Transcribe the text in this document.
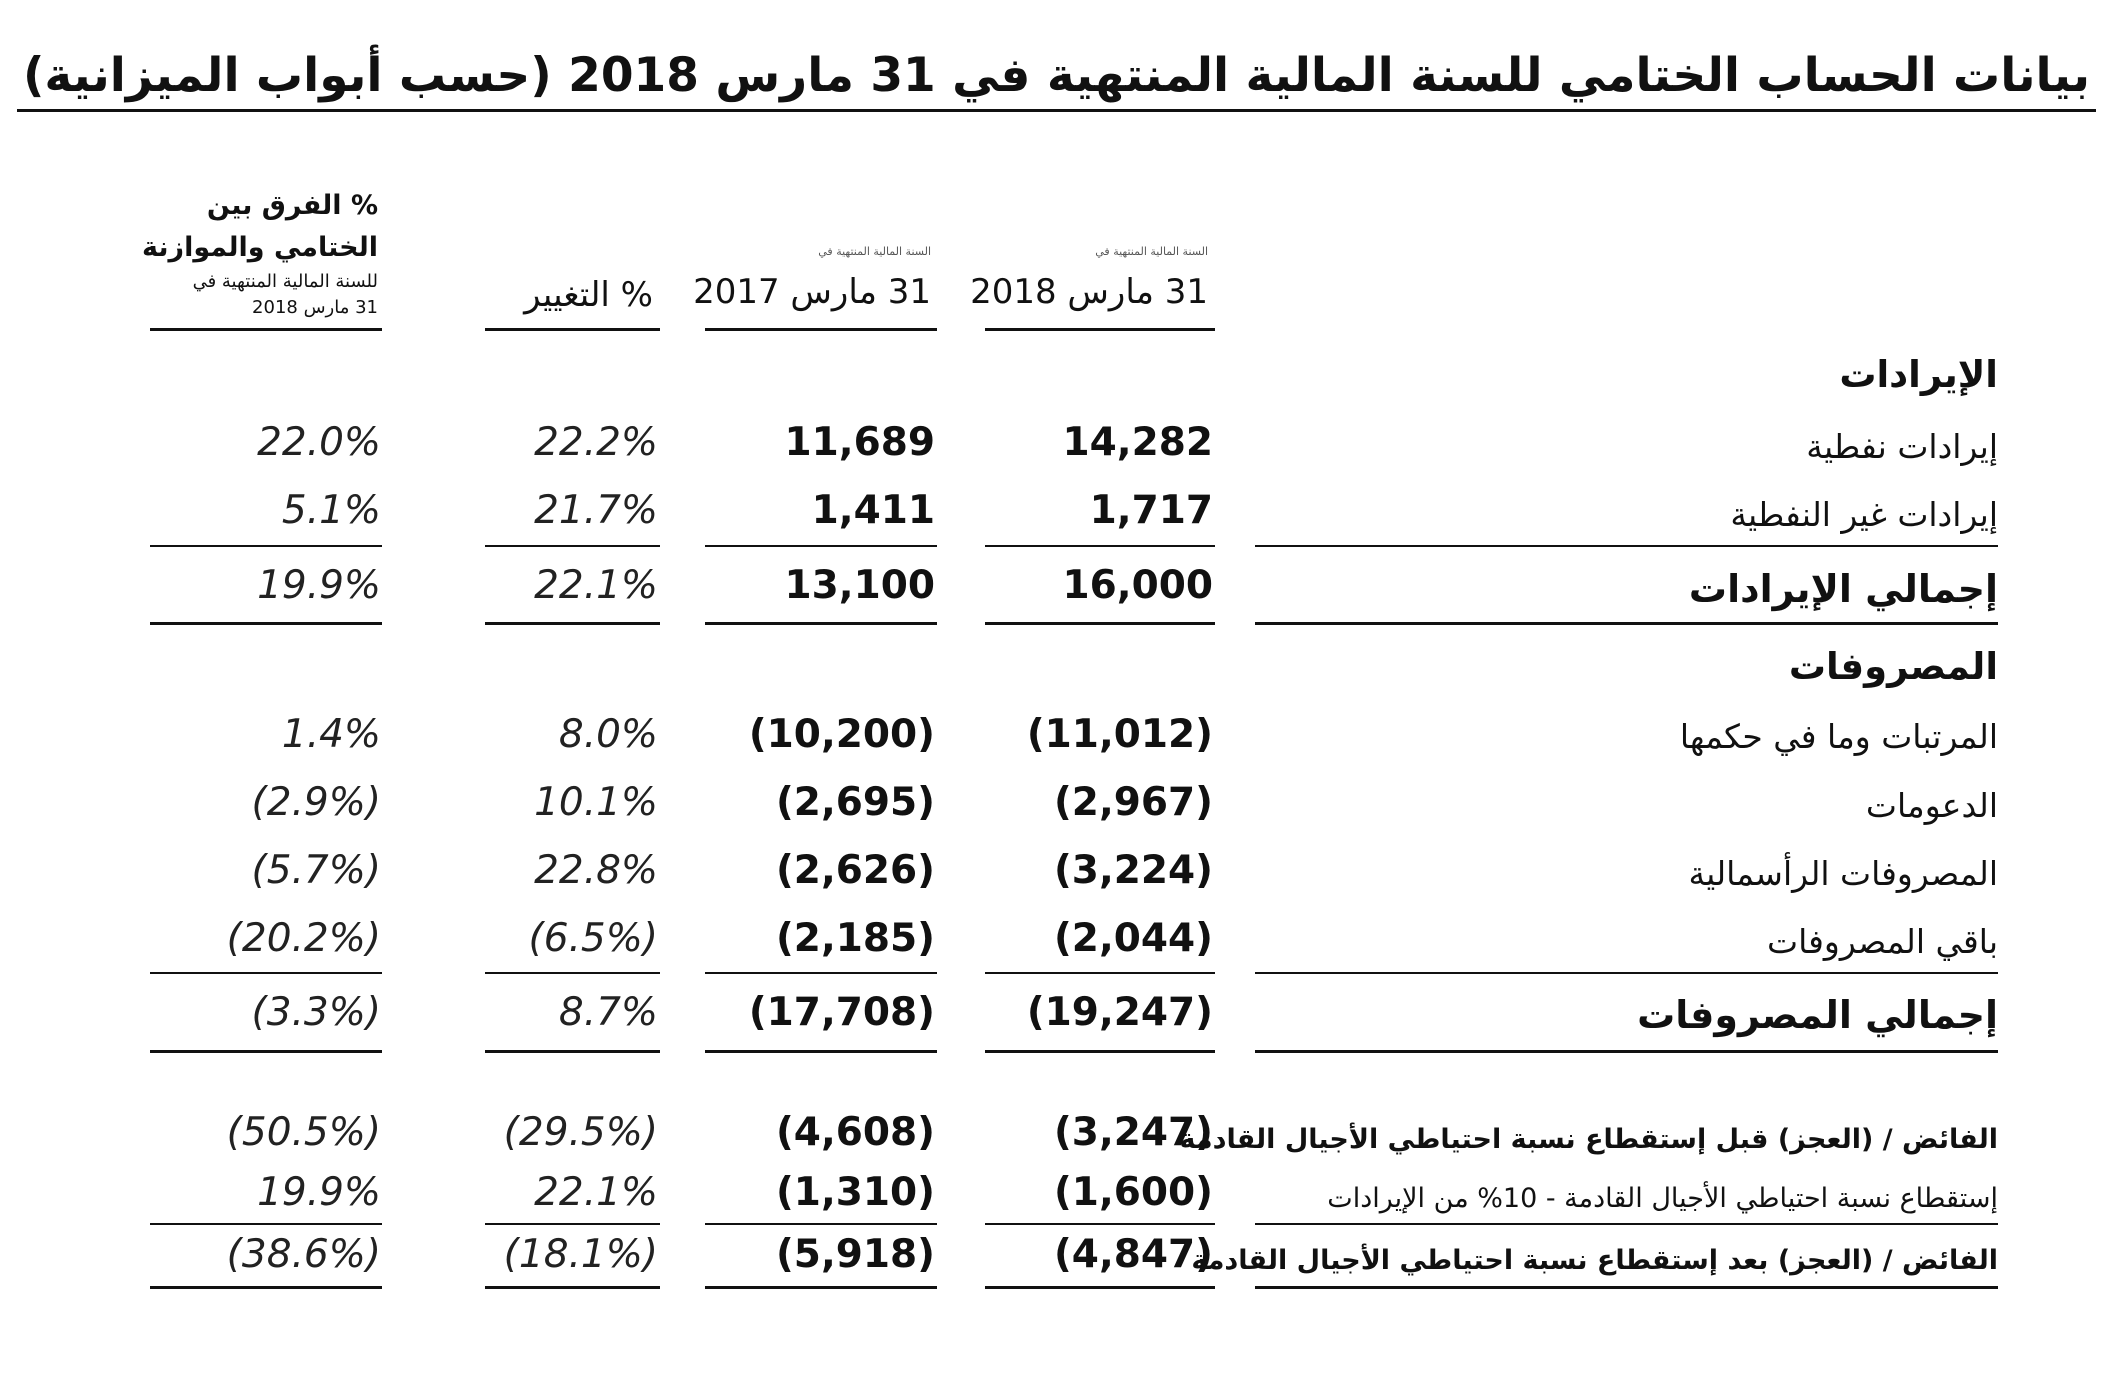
بيانات الحساب الختامي للسنة المالية المنتهية في 31 مارس 2018 (حسب أبواب الميزانية)
السنة المالية المنتهية في
31 مارس 2018
السنة المالية المنتهية في
31 مارس 2017
% التغيير
% الفرق بين
الختامي والموازنة
للسنة المالية المنتهية في
31 مارس 2018
الإيرادات
المصروفات
إيرادات نفطية
14,282
11,689
22.2%
22.0%
إيرادات غير النفطية
1,717
1,411
21.7%
5.1%
إجمالي الإيرادات
16,000
13,100
22.1%
19.9%
المرتبات وما في حكمها
(11,012)
(10,200)
8.0%
1.4%
الدعومات
(2,967)
(2,695)
10.1%
(2.9%)
المصروفات الرأسمالية
(3,224)
(2,626)
22.8%
(5.7%)
باقي المصروفات
(2,044)
(2,185)
(6.5%)
(20.2%)
إجمالي المصروفات
(19,247)
(17,708)
8.7%
(3.3%)
الفائض / (العجز) قبل إستقطاع نسبة احتياطي الأجيال القادمة
(3,247)
(4,608)
(29.5%)
(50.5%)
إستقطاع نسبة احتياطي الأجيال القادمة - 10% من الإيرادات
(1,600)
(1,310)
22.1%
19.9%
الفائض / (العجز) بعد إستقطاع نسبة احتياطي الأجيال القادمة
(4,847)
(5,918)
(18.1%)
(38.6%)
